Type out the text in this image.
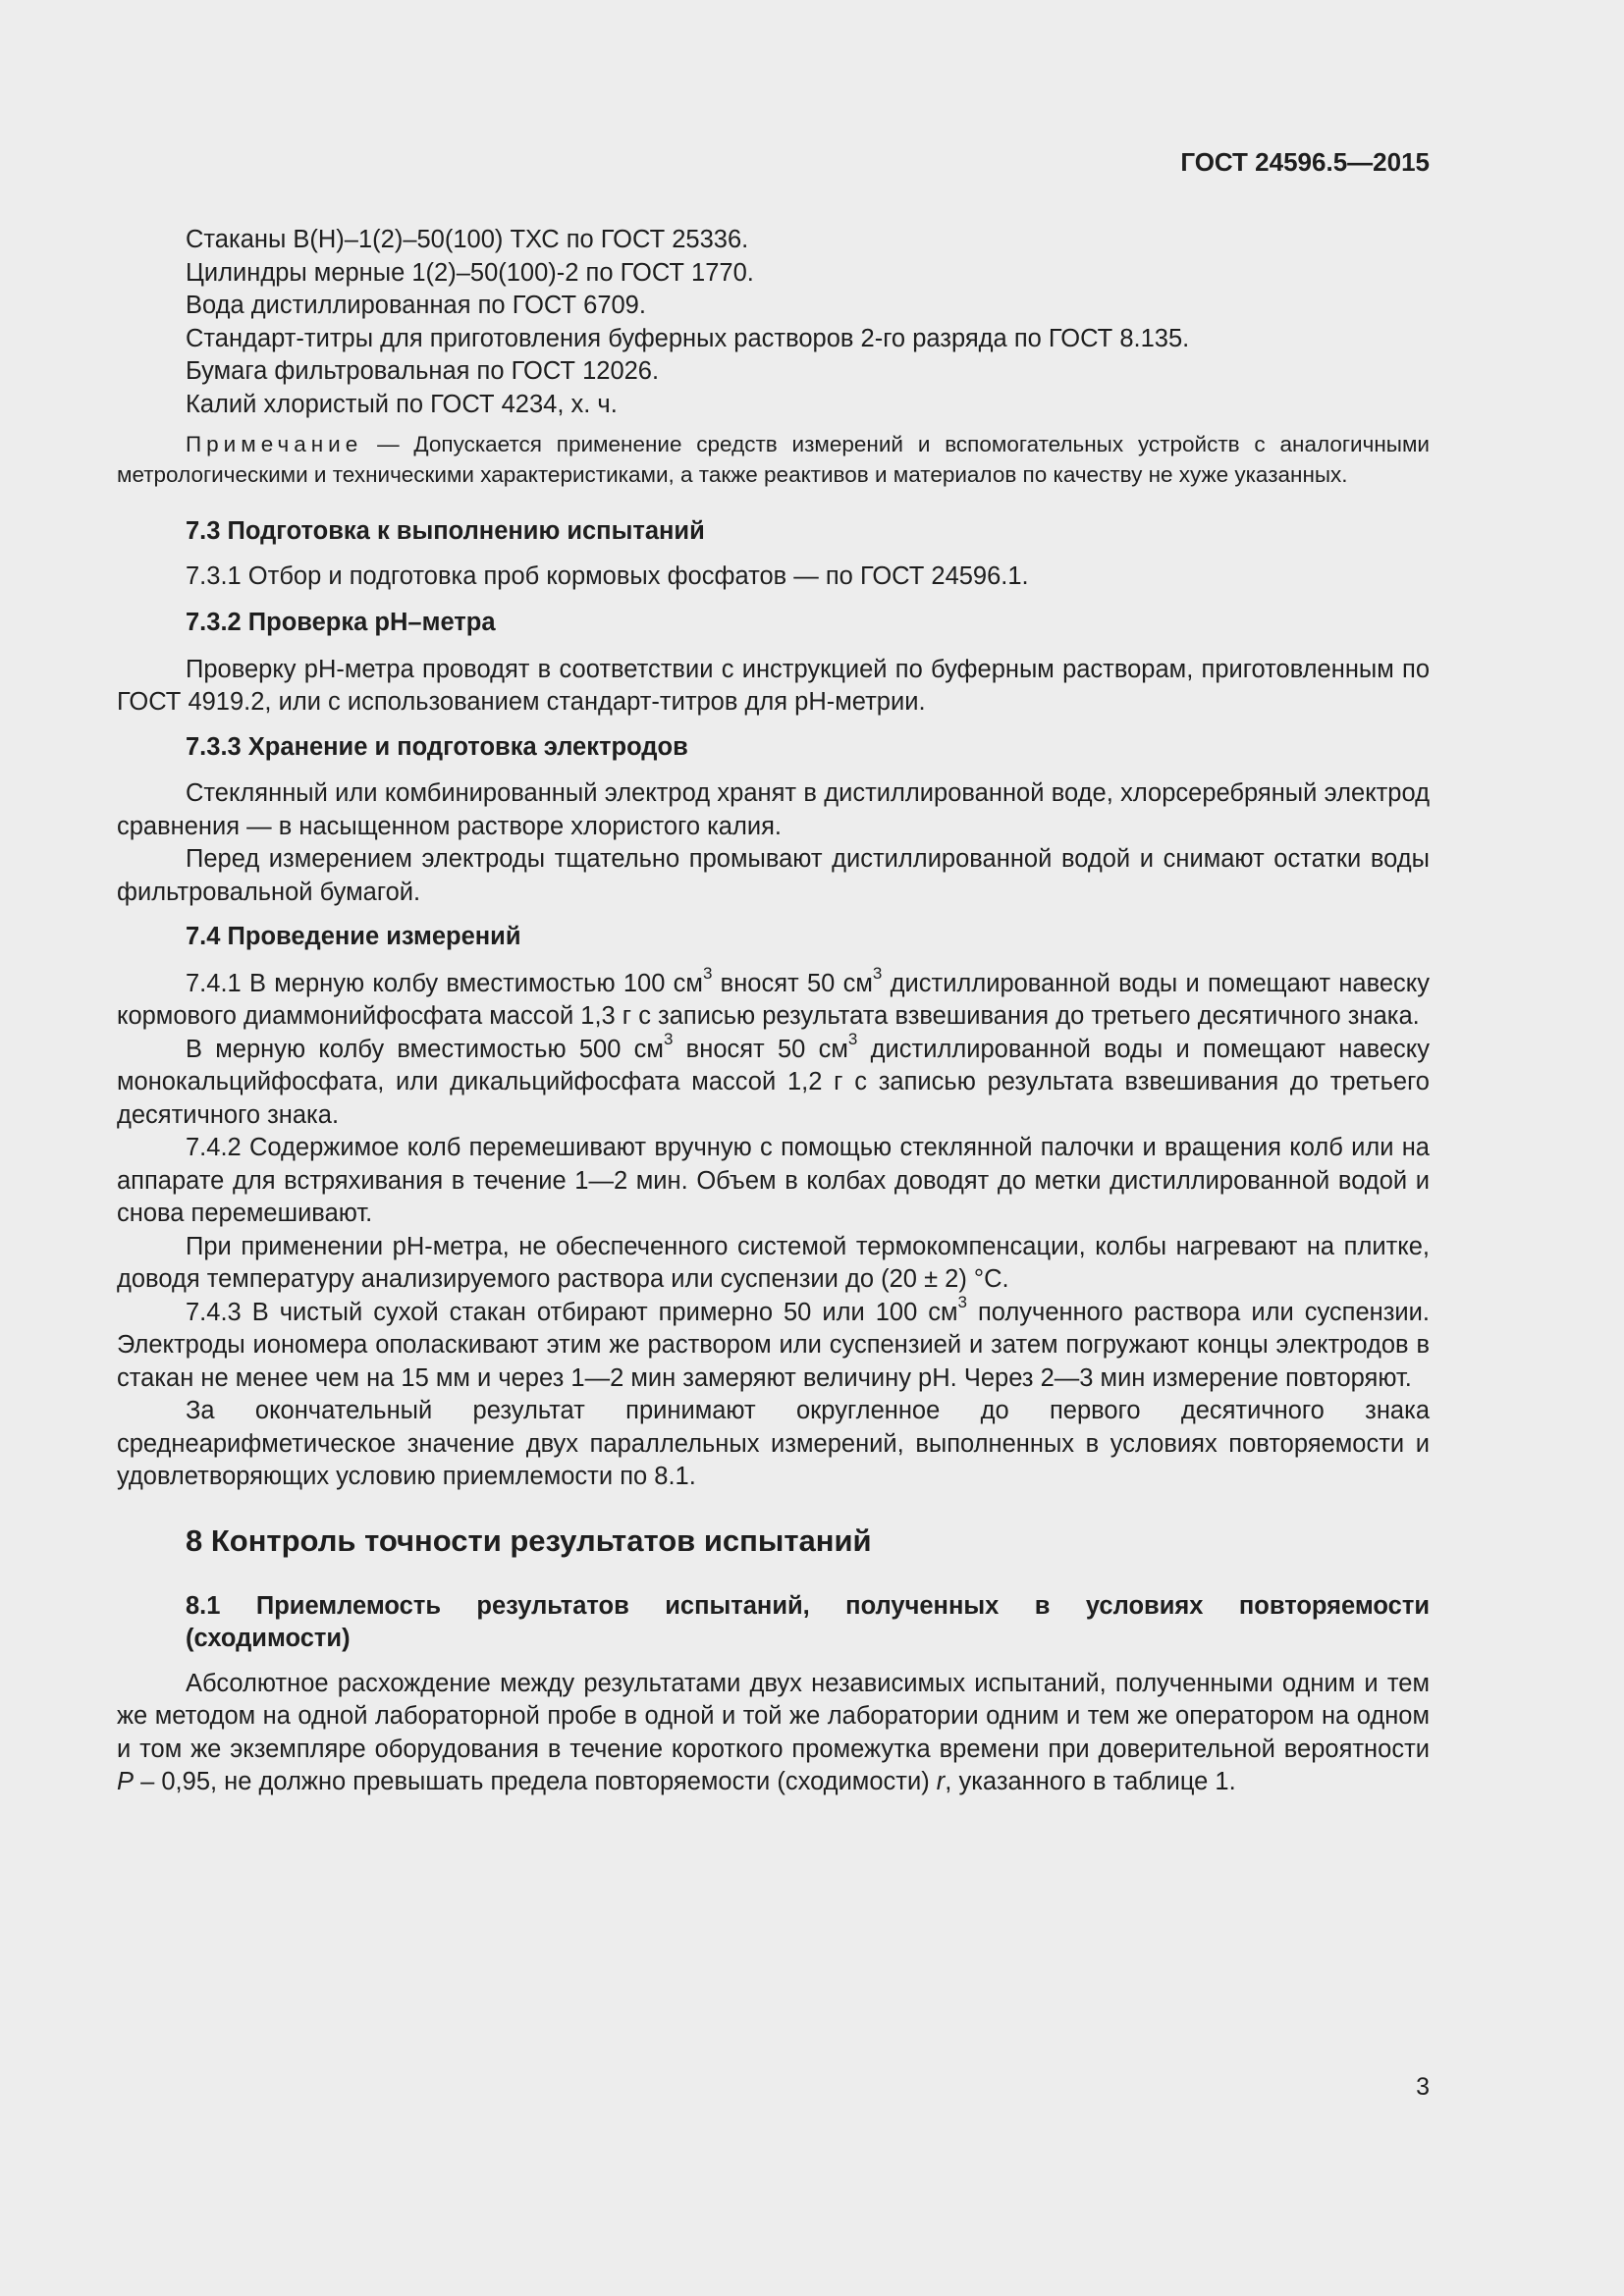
ГОСТ 24596.5—2015

Стаканы В(Н)–1(2)–50(100) ТХС по ГОСТ 25336.

Цилиндры мерные 1(2)–50(100)-2 по ГОСТ 1770.

Вода дистиллированная по ГОСТ 6709.

Стандарт-титры для приготовления буферных растворов 2-го разряда по ГОСТ 8.135.

Бумага фильтровальная по ГОСТ 12026.

Калий хлористый по ГОСТ 4234, х. ч.

Примечание — Допускается применение средств измерений и вспомогательных устройств с аналогичными метрологическими и техническими характеристиками, а также реактивов и материалов по качеству не хуже указанных.

7.3 Подготовка к выполнению испытаний
7.3.1 Отбор и подготовка проб кормовых фосфатов — по ГОСТ 24596.1.
7.3.2 Проверка рН–метра

Проверку рН-метра проводят в соответствии с инструкцией по буферным растворам, приготовленным по ГОСТ 4919.2, или с использованием стандарт-титров для рН-метрии.

7.3.3 Хранение и подготовка электродов

Стеклянный или комбинированный электрод хранят в дистиллированной воде, хлорсеребряный электрод сравнения — в насыщенном растворе хлористого калия.

Перед измерением электроды тщательно промывают дистиллированной водой и снимают остатки воды фильтровальной бумагой.

7.4 Проведение измерений

7.4.1 В мерную колбу вместимостью 100 $см^3$ вносят 50 $см^3$ дистиллированной воды и помещают навеску кормового диаммонийфосфата массой 1,3 г с записью результата взвешивания до третьего десятичного знака.

В мерную колбу вместимостью 500 $см^3$ вносят 50 $см^3$ дистиллированной воды и помещают навеску монокальцийфосфата, или дикальцийфосфата массой 1,2 г с записью результата взвешивания до третьего десятичного знака.

7.4.2 Содержимое колб перемешивают вручную с помощью стеклянной палочки и вращения колб или на аппарате для встряхивания в течение 1—2 мин. Объем в колбах доводят до метки дистиллированной водой и снова перемешивают.

При применении рН-метра, не обеспеченного системой термокомпенсации, колбы нагревают на плитке, доводя температуру анализируемого раствора или суспензии до (20 ± 2) °С.

7.4.3 В чистый сухой стакан отбирают примерно 50 или 100 $см^3$ полученного раствора или суспензии. Электроды иономера ополаскивают этим же раствором или суспензией и затем погружают концы электродов в стакан не менее чем на 15 мм и через 1—2 мин замеряют величину рН. Через 2—3 мин измерение повторяют.

За окончательный результат принимают округленное до первого десятичного знака среднеарифметическое значение двух параллельных измерений, выполненных в условиях повторяемости и удовлетворяющих условию приемлемости по 8.1.

8 Контроль точности результатов испытаний
8.1 Приемлемость результатов испытаний, полученных в условиях повторяемости
(сходимости)

Абсолютное расхождение между результатами двух независимых испытаний, полученными одним и тем же методом на одной лабораторной пробе в одной и той же лаборатории одним и тем же оператором на одном и том же экземпляре оборудования в течение короткого промежутка времени при доверительной вероятности Р – 0,95, не должно превышать предела повторяемости (сходимости) r, указанного в таблице 1.

3
